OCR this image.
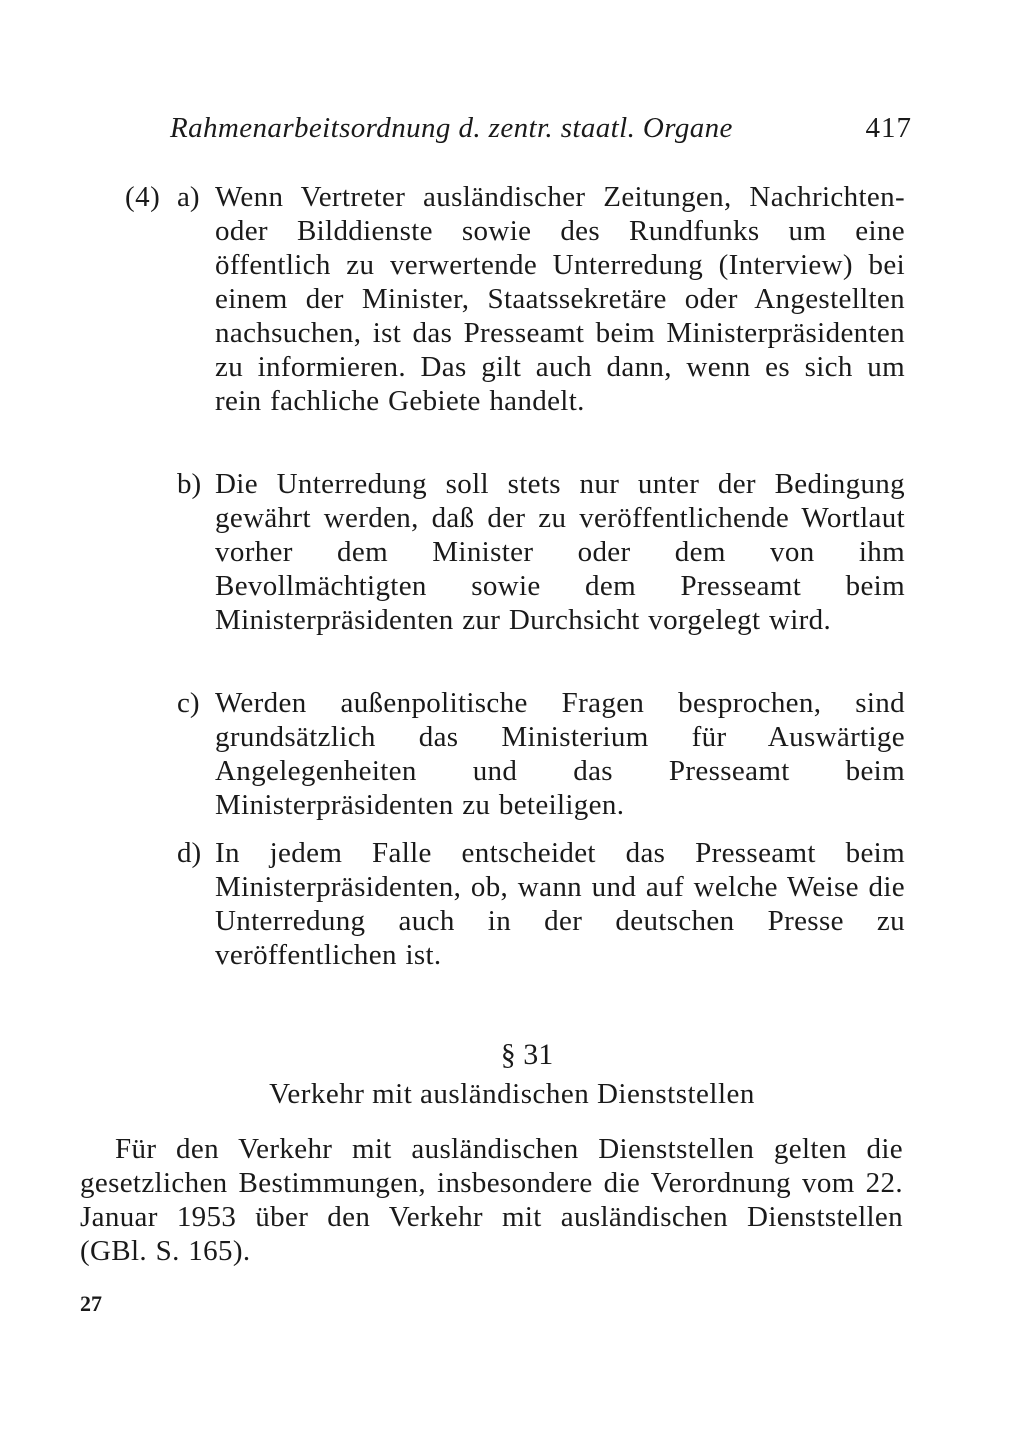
Rahmenarbeitsordnung d. zentr. staatl. Organe	417
(4) a) Wenn Vertreter ausländischer Zeitungen, Nachrichten- oder Bilddienste sowie des Rundfunks um eine öffentlich zu verwertende Unterredung (Interview) bei einem der Minister, Staatssekretäre oder Angestellten nachsuchen, ist das Presseamt beim Ministerpräsidenten zu informieren. Das gilt auch dann, wenn es sich um rein fachliche Gebiete handelt.

b) Die Unterredung soll stets nur unter der Bedingung gewährt werden, daß der zu veröffentlichende Wortlaut vorher dem Minister oder dem von ihm Bevollmächtigten sowie dem Presseamt beim Ministerpräsidenten zur Durchsicht vorgelegt wird.

c) Werden außenpolitische Fragen besprochen, sind grundsätzlich das Ministerium für Auswärtige Angelegenheiten und das Presseamt beim Ministerpräsidenten zu beteiligen.

d) In jedem Falle entscheidet das Presseamt beim Ministerpräsidenten, ob, wann und auf welche Weise die Unterredung auch in der deutschen Presse zu veröffentlichen ist.

§ 31
Verkehr mit ausländischen Dienststellen

Für den Verkehr mit ausländischen Dienststellen gelten die gesetzlichen Bestimmungen, insbesondere die Verordnung vom 22. Januar 1953 über den Verkehr mit ausländischen Dienststellen (GBl. S. 165).

27
